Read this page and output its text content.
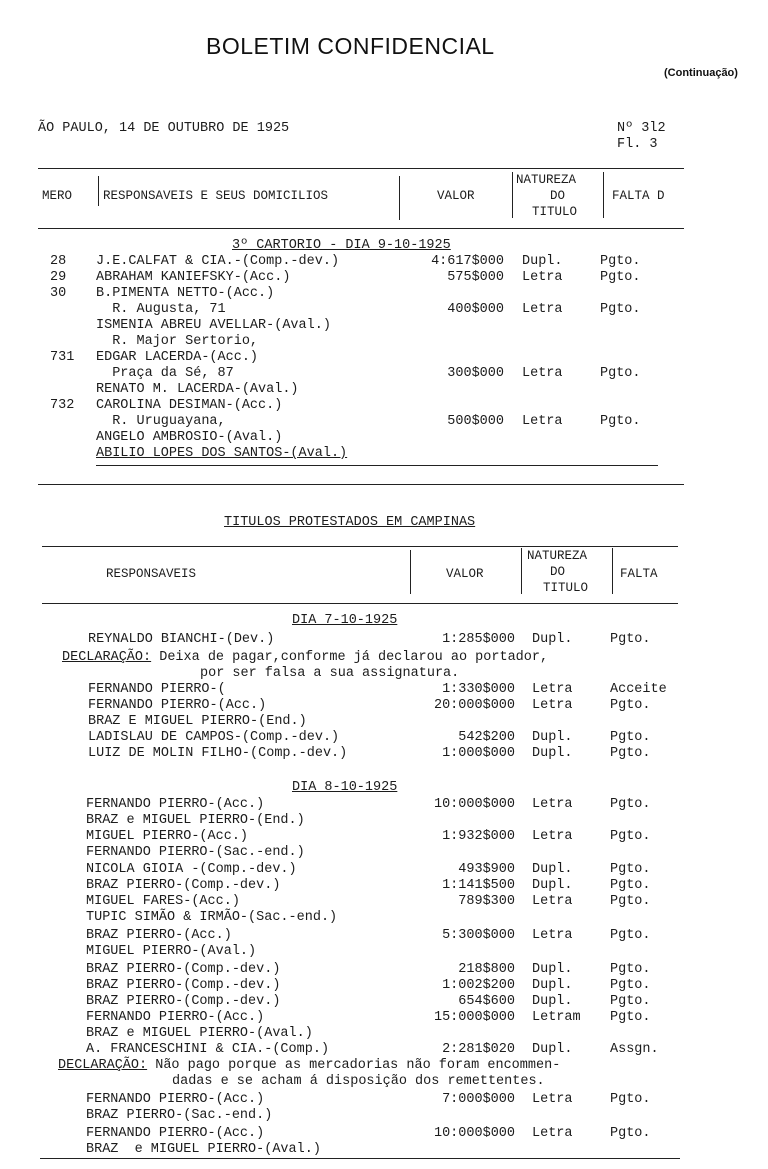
BOLETIM CONFIDENCIAL
(Continuação)
ÃO PAULO, 14 DE OUTUBRO DE 1925	Nº 3l2
Fl. 3
MERO RESPONSAVEIS E SEUS DOMICILIOS	VALOR
NATUREZA
DO
TITULO
FALTA D
3º CARTORIO - DIA 9-10-1925
28 J.E.CALFAT & CIA.-(Comp.-dev.)	4:617$000 Dupl.	Pgto.
29 ABRAHAM KANIEFSKY-(Acc.)	575$000 Letra	Pgto.
30 B.PIMENTA NETTO-(Acc.)
R. Augusta, 71	400$000 Letra	Pgto.
ISMENIA ABREU AVELLAR-(Aval.)
R. Major Sertorio,
731 EDGAR LACERDA-(Acc.)
Praça da Sé, 87	300$000 Letra	Pgto.
RENATO M. LACERDA-(Aval.)
732 CAROLINA DESIMAN-(Acc.)
R. Uruguayana,	500$000 Letra	Pgto.
ANGELO AMBROSIO-(Aval.)
ABILIO LOPES DOS SANTOS-(Aval.)
TITULOS PROTESTADOS EM CAMPINAS
RESPONSAVEIS	VALOR
NATUREZA
DO
TITULO
FALTA
DIA 7-10-1925
REYNALDO BIANCHI-(Dev.)	1:285$000 Dupl.	Pgto.
DECLARAÇÃO: Deixa de pagar,conforme já declarou ao portador,
por ser falsa a sua assignatura.
FERNANDO PIERRO-(	1:330$000 Letra	Acceite
FERNANDO PIERRO-(Acc.)	20:000$000 Letra	Pgto.
BRAZ E MIGUEL PIERRO-(End.)
LADISLAU DE CAMPOS-(Comp.-dev.)	542$200 Dupl.	Pgto.
LUIZ DE MOLIN FILHO-(Comp.-dev.)	1:000$000 Dupl.	Pgto.
DIA 8-10-1925
FERNANDO PIERRO-(Acc.)	10:000$000 Letra	Pgto.
BRAZ e MIGUEL PIERRO-(End.)
MIGUEL PIERRO-(Acc.)	1:932$000 Letra	Pgto.
FERNANDO PIERRO-(Sac.-end.)
NICOLA GIOIA -(Comp.-dev.)	493$900 Dupl.	Pgto.
BRAZ PIERRO-(Comp.-dev.)	1:141$500 Dupl.	Pgto.
MIGUEL FARES-(Acc.)	789$300 Letra	Pgto.
TUPIC SIMÃO & IRMÃO-(Sac.-end.)
BRAZ PIERRO-(Acc.)	5:300$000 Letra	Pgto.
MIGUEL PIERRO-(Aval.)
BRAZ PIERRO-(Comp.-dev.)	218$800 Dupl.	Pgto.
BRAZ PIERRO-(Comp.-dev.)	1:002$200 Dupl.	Pgto.
BRAZ PIERRO-(Comp.-dev.)	654$600 Dupl.	Pgto.
FERNANDO PIERRO-(Acc.)	15:000$000 Letram Pgto.
BRAZ e MIGUEL PIERRO-(Aval.)
A. FRANCESCHINI & CIA.-(Comp.)	2:281$020 Dupl.	Assgn.
DECLARAÇÃO: Não pago porque as mercadorias não foram encommen-
dadas e se acham á disposição dos remettentes.
FERNANDO PIERRO-(Acc.)	7:000$000 Letra	Pgto.
BRAZ PIERRO-(Sac.-end.)
FERNANDO PIERRO-(Acc.)	10:000$000 Letra	Pgto.
BRAZ  e MIGUEL PIERRO-(Aval.)
